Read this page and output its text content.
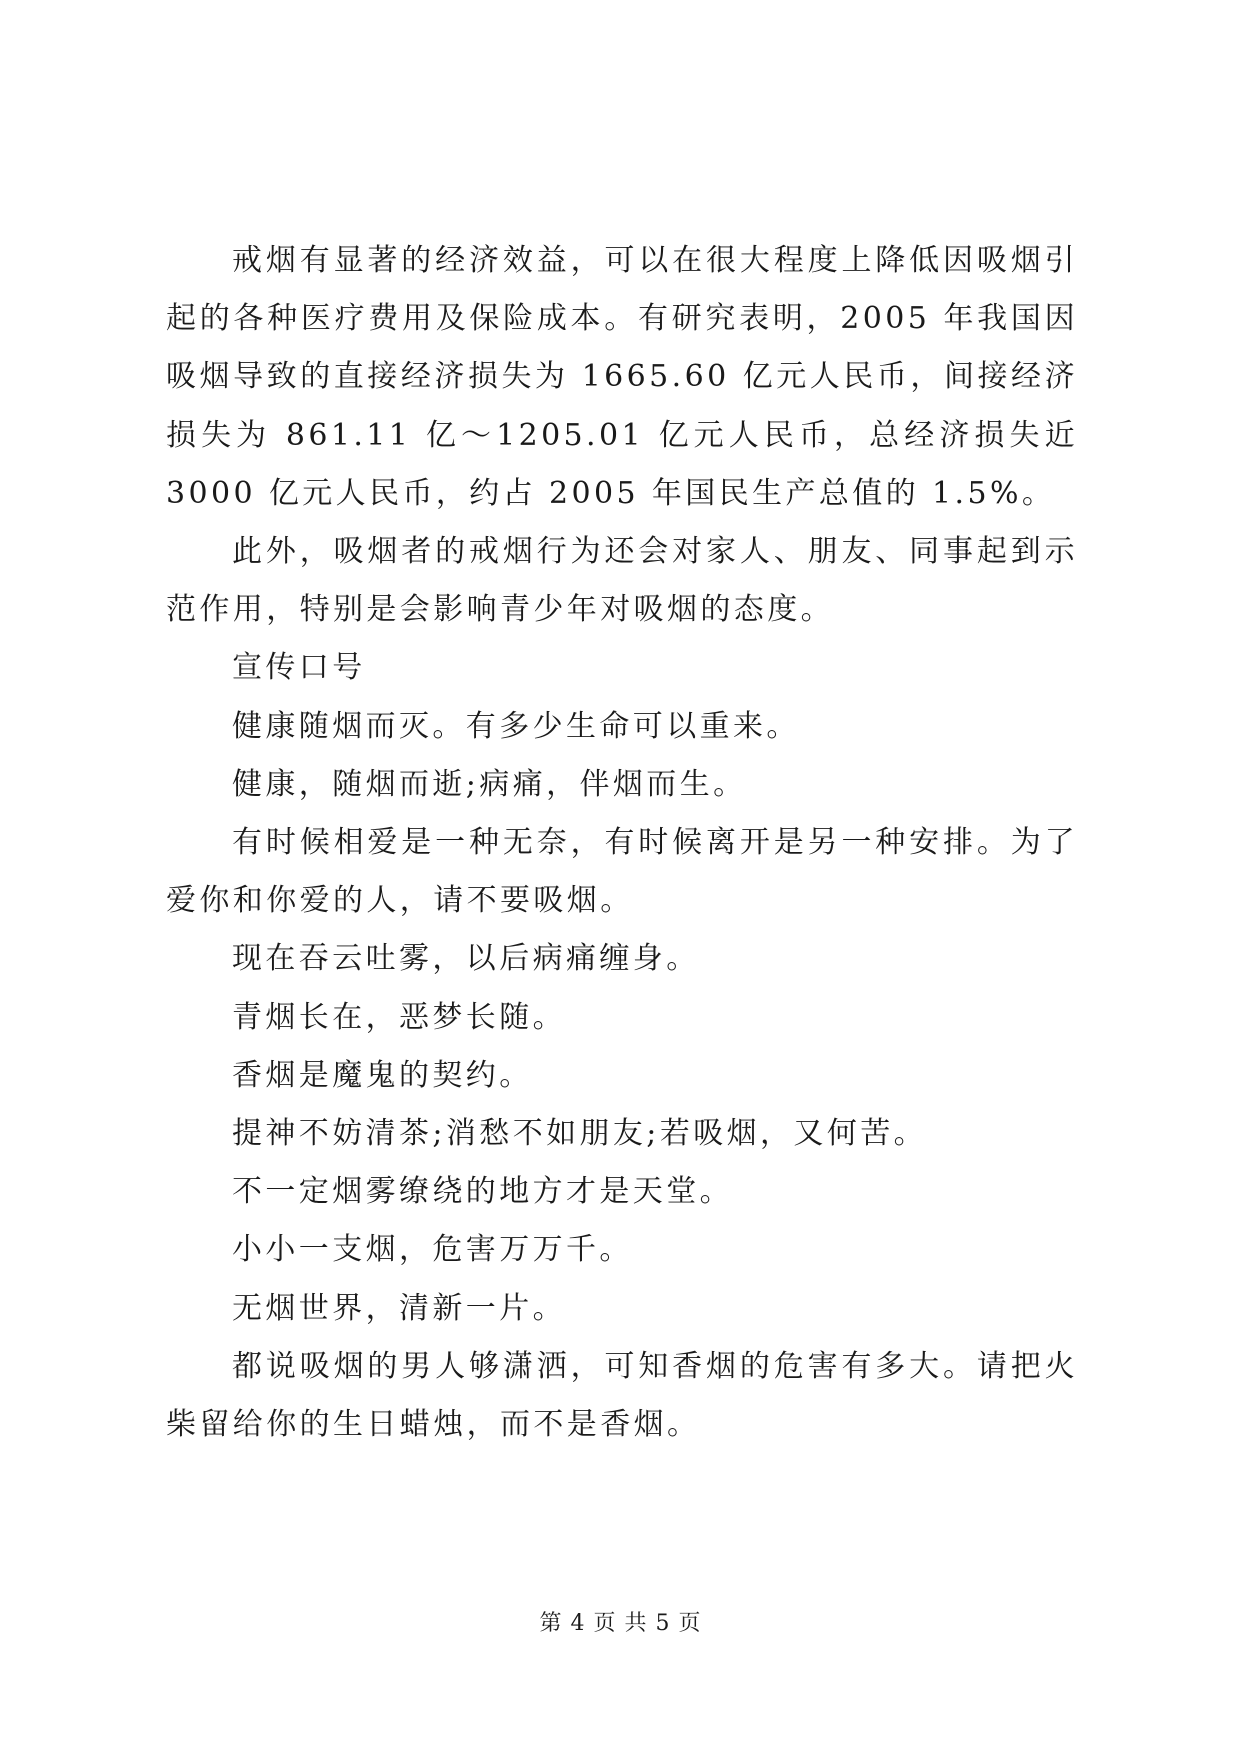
戒烟有显著的经济效益，可以在很大程度上降低因吸烟引起的各种医疗费用及保险成本。有研究表明，2005 年我国因吸烟导致的直接经济损失为 1665.60 亿元人民币，间接经济损失为 861.11 亿～1205.01 亿元人民币，总经济损失近 3000 亿元人民币，约占 2005 年国民生产总值的 1.5%。

此外，吸烟者的戒烟行为还会对家人、朋友、同事起到示范作用，特别是会影响青少年对吸烟的态度。

宣传口号

健康随烟而灭。有多少生命可以重来。

健康，随烟而逝;病痛，伴烟而生。

有时候相爱是一种无奈，有时候离开是另一种安排。为了爱你和你爱的人，请不要吸烟。

现在吞云吐雾，以后病痛缠身。

青烟长在，恶梦长随。

香烟是魔鬼的契约。

提神不妨清茶;消愁不如朋友;若吸烟，又何苦。

不一定烟雾缭绕的地方才是天堂。

小小一支烟，危害万万千。

无烟世界，清新一片。

都说吸烟的男人够潇洒，可知香烟的危害有多大。请把火柴留给你的生日蜡烛，而不是香烟。

第 4 页 共 5 页
